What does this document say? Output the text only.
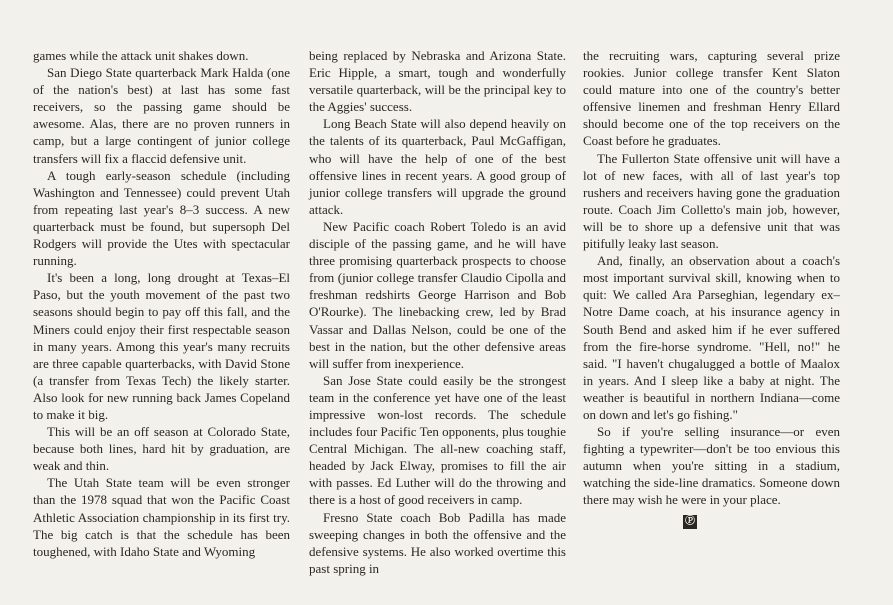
games while the attack unit shakes down.

San Diego State quarterback Mark Halda (one of the nation's best) at last has some fast receivers, so the passing game should be awesome. Alas, there are no proven runners in camp, but a large contingent of junior college transfers will fix a flaccid defensive unit.

A tough early-season schedule (including Washington and Tennessee) could prevent Utah from repeating last year's 8–3 success. A new quarterback must be found, but supersoph Del Rodgers will provide the Utes with spectacular running.

It's been a long, long drought at Texas–El Paso, but the youth movement of the past two seasons should begin to pay off this fall, and the Miners could enjoy their first respectable season in many years. Among this year's many recruits are three capable quarterbacks, with David Stone (a transfer from Texas Tech) the likely starter. Also look for new running back James Copeland to make it big.

This will be an off season at Colorado State, because both lines, hard hit by graduation, are weak and thin.

The Utah State team will be even stronger than the 1978 squad that won the Pacific Coast Athletic Association championship in its first try. The big catch is that the schedule has been toughened, with Idaho State and Wyoming

being replaced by Nebraska and Arizona State. Eric Hipple, a smart, tough and wonderfully versatile quarterback, will be the principal key to the Aggies' success.

Long Beach State will also depend heavily on the talents of its quarterback, Paul McGaffigan, who will have the help of one of the best offensive lines in recent years. A good group of junior college transfers will upgrade the ground attack.

New Pacific coach Robert Toledo is an avid disciple of the passing game, and he will have three promising quarterback prospects to choose from (junior college transfer Claudio Cipolla and freshman redshirts George Harrison and Bob O'Rourke). The linebacking crew, led by Brad Vassar and Dallas Nelson, could be one of the best in the nation, but the other defensive areas will suffer from inexperience.

San Jose State could easily be the strongest team in the conference yet have one of the least impressive won-lost records. The schedule includes four Pacific Ten opponents, plus toughie Central Michigan. The all-new coaching staff, headed by Jack Elway, promises to fill the air with passes. Ed Luther will do the throwing and there is a host of good receivers in camp.

Fresno State coach Bob Padilla has made sweeping changes in both the offensive and the defensive systems. He also worked overtime this past spring in

the recruiting wars, capturing several prize rookies. Junior college transfer Kent Slaton could mature into one of the country's better offensive linemen and freshman Henry Ellard should become one of the top receivers on the Coast before he graduates.

The Fullerton State offensive unit will have a lot of new faces, with all of last year's top rushers and receivers having gone the graduation route. Coach Jim Colletto's main job, however, will be to shore up a defensive unit that was pitifully leaky last season.

And, finally, an observation about a coach's most important survival skill, knowing when to quit: We called Ara Parseghian, legendary ex–Notre Dame coach, at his insurance agency in South Bend and asked him if he ever suffered from the fire-horse syndrome. "Hell, no!" he said. "I haven't chugalugged a bottle of Maalox in years. And I sleep like a baby at night. The weather is beautiful in northern Indiana—come on down and let's go fishing."

So if you're selling insurance—or even fighting a typewriter—don't be too envious this autumn when you're sitting in a stadium, watching the side-line dramatics. Someone down there may wish he were in your place.

Ⓟ
